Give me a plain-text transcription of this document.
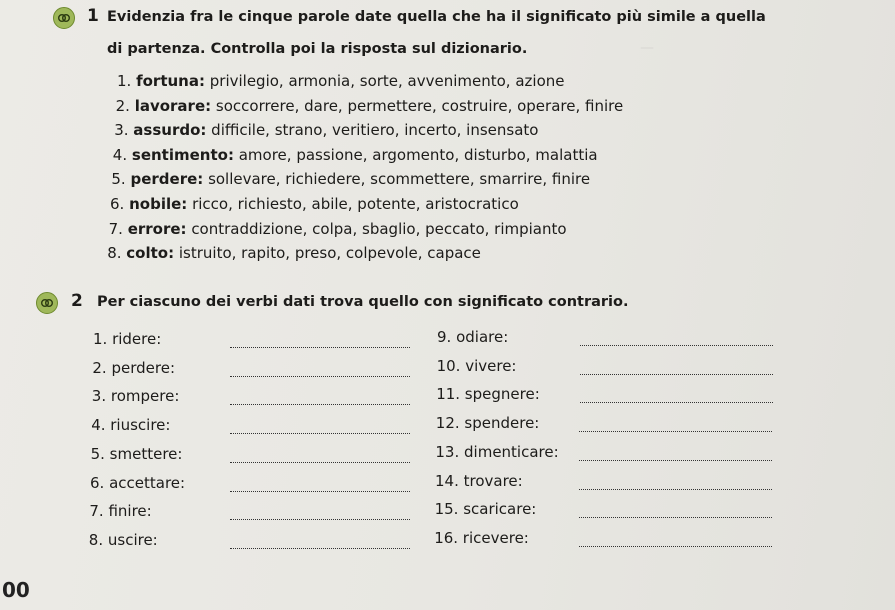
—
1 Evidenzia fra le cinque parole date quella che ha il significato più simile a quella
di partenza. Controlla poi la risposta sul dizionario.
1. fortuna: privilegio, armonia, sorte, avvenimento, azione
2. lavorare: soccorrere, dare, permettere, costruire, operare, finire
3. assurdo: difficile, strano, veritiero, incerto, insensato
4. sentimento: amore, passione, argomento, disturbo, malattia
5. perdere: sollevare, richiedere, scommettere, smarrire, finire
6. nobile: ricco, richiesto, abile, potente, aristocratico
7. errore: contraddizione, colpa, sbaglio, peccato, rimpianto
8. colto: istruito, rapito, preso, colpevole, capace
2 Per ciascuno dei verbi dati trova quello con significato contrario.
1. ridere:
2. perdere:
3. rompere:
4. riuscire:
5. smettere:
6. accettare:
7. finire:
8. uscire:
9. odiare:
10. vivere:
11. spegnere:
12. spendere:
13. dimenticare:
14. trovare:
15. scaricare:
16. ricevere:
00
